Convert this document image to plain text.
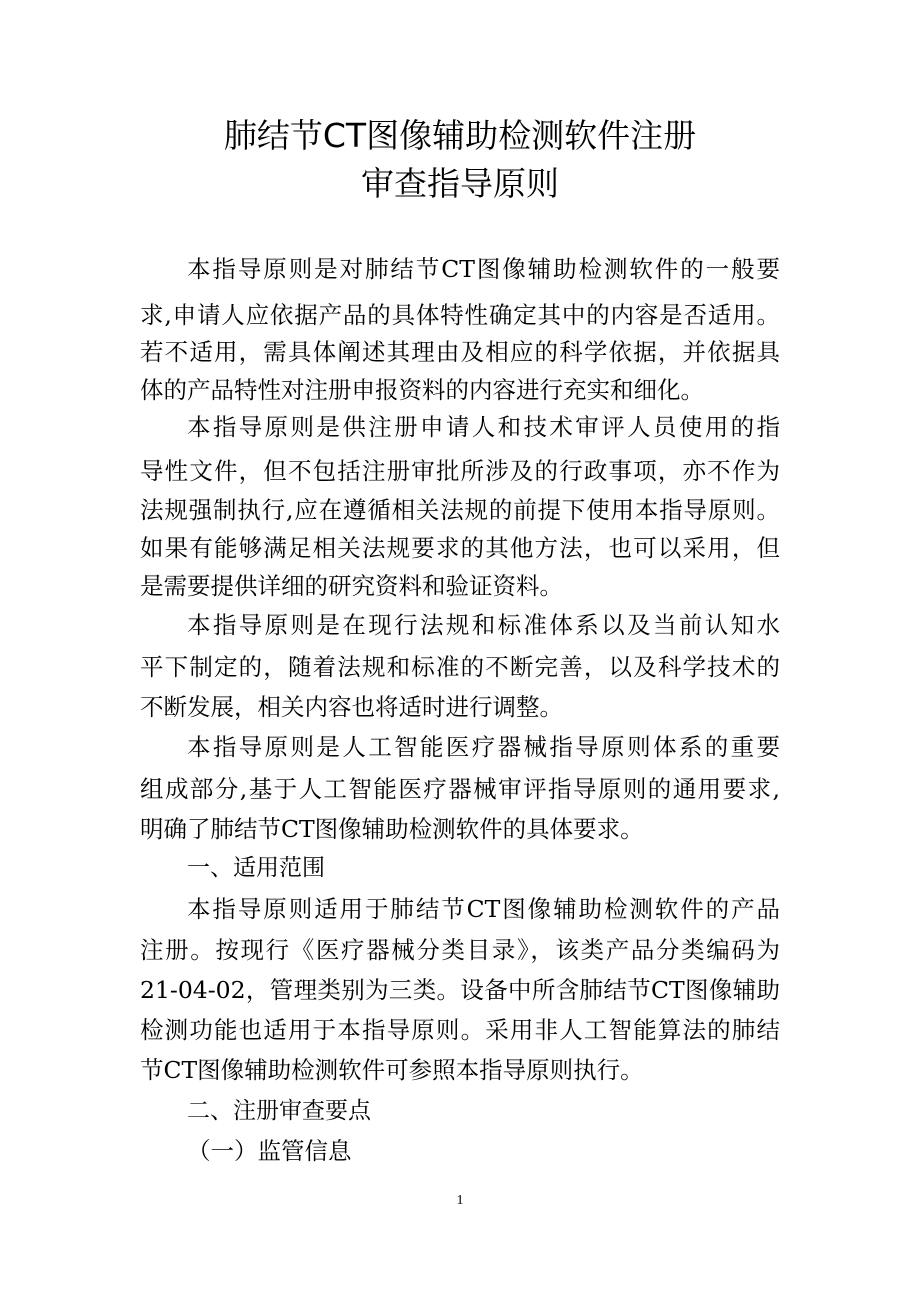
肺结节CT图像辅助检测软件注册
审查指导原则
本指导原则是对肺结节CT图像辅助检测软件的一般要
求,申请人应依据产品的具体特性确定其中的内容是否适用。
若不适用，需具体阐述其理由及相应的科学依据，并依据具
体的产品特性对注册申报资料的内容进行充实和细化。
本指导原则是供注册申请人和技术审评人员使用的指
导性文件，但不包括注册审批所涉及的行政事项，亦不作为
法规强制执行,应在遵循相关法规的前提下使用本指导原则。
如果有能够满足相关法规要求的其他方法，也可以采用，但
是需要提供详细的研究资料和验证资料。
本指导原则是在现行法规和标准体系以及当前认知水
平下制定的，随着法规和标准的不断完善，以及科学技术的
不断发展，相关内容也将适时进行调整。
本指导原则是人工智能医疗器械指导原则体系的重要
组成部分,基于人工智能医疗器械审评指导原则的通用要求,
明确了肺结节CT图像辅助检测软件的具体要求。
一、适用范围
本指导原则适用于肺结节CT图像辅助检测软件的产品
注册。按现行《医疗器械分类目录》，该类产品分类编码为
21-04-02，管理类别为三类。设备中所含肺结节CT图像辅助
检测功能也适用于本指导原则。采用非人工智能算法的肺结
节CT图像辅助检测软件可参照本指导原则执行。
二、注册审查要点
（一）监管信息
1
